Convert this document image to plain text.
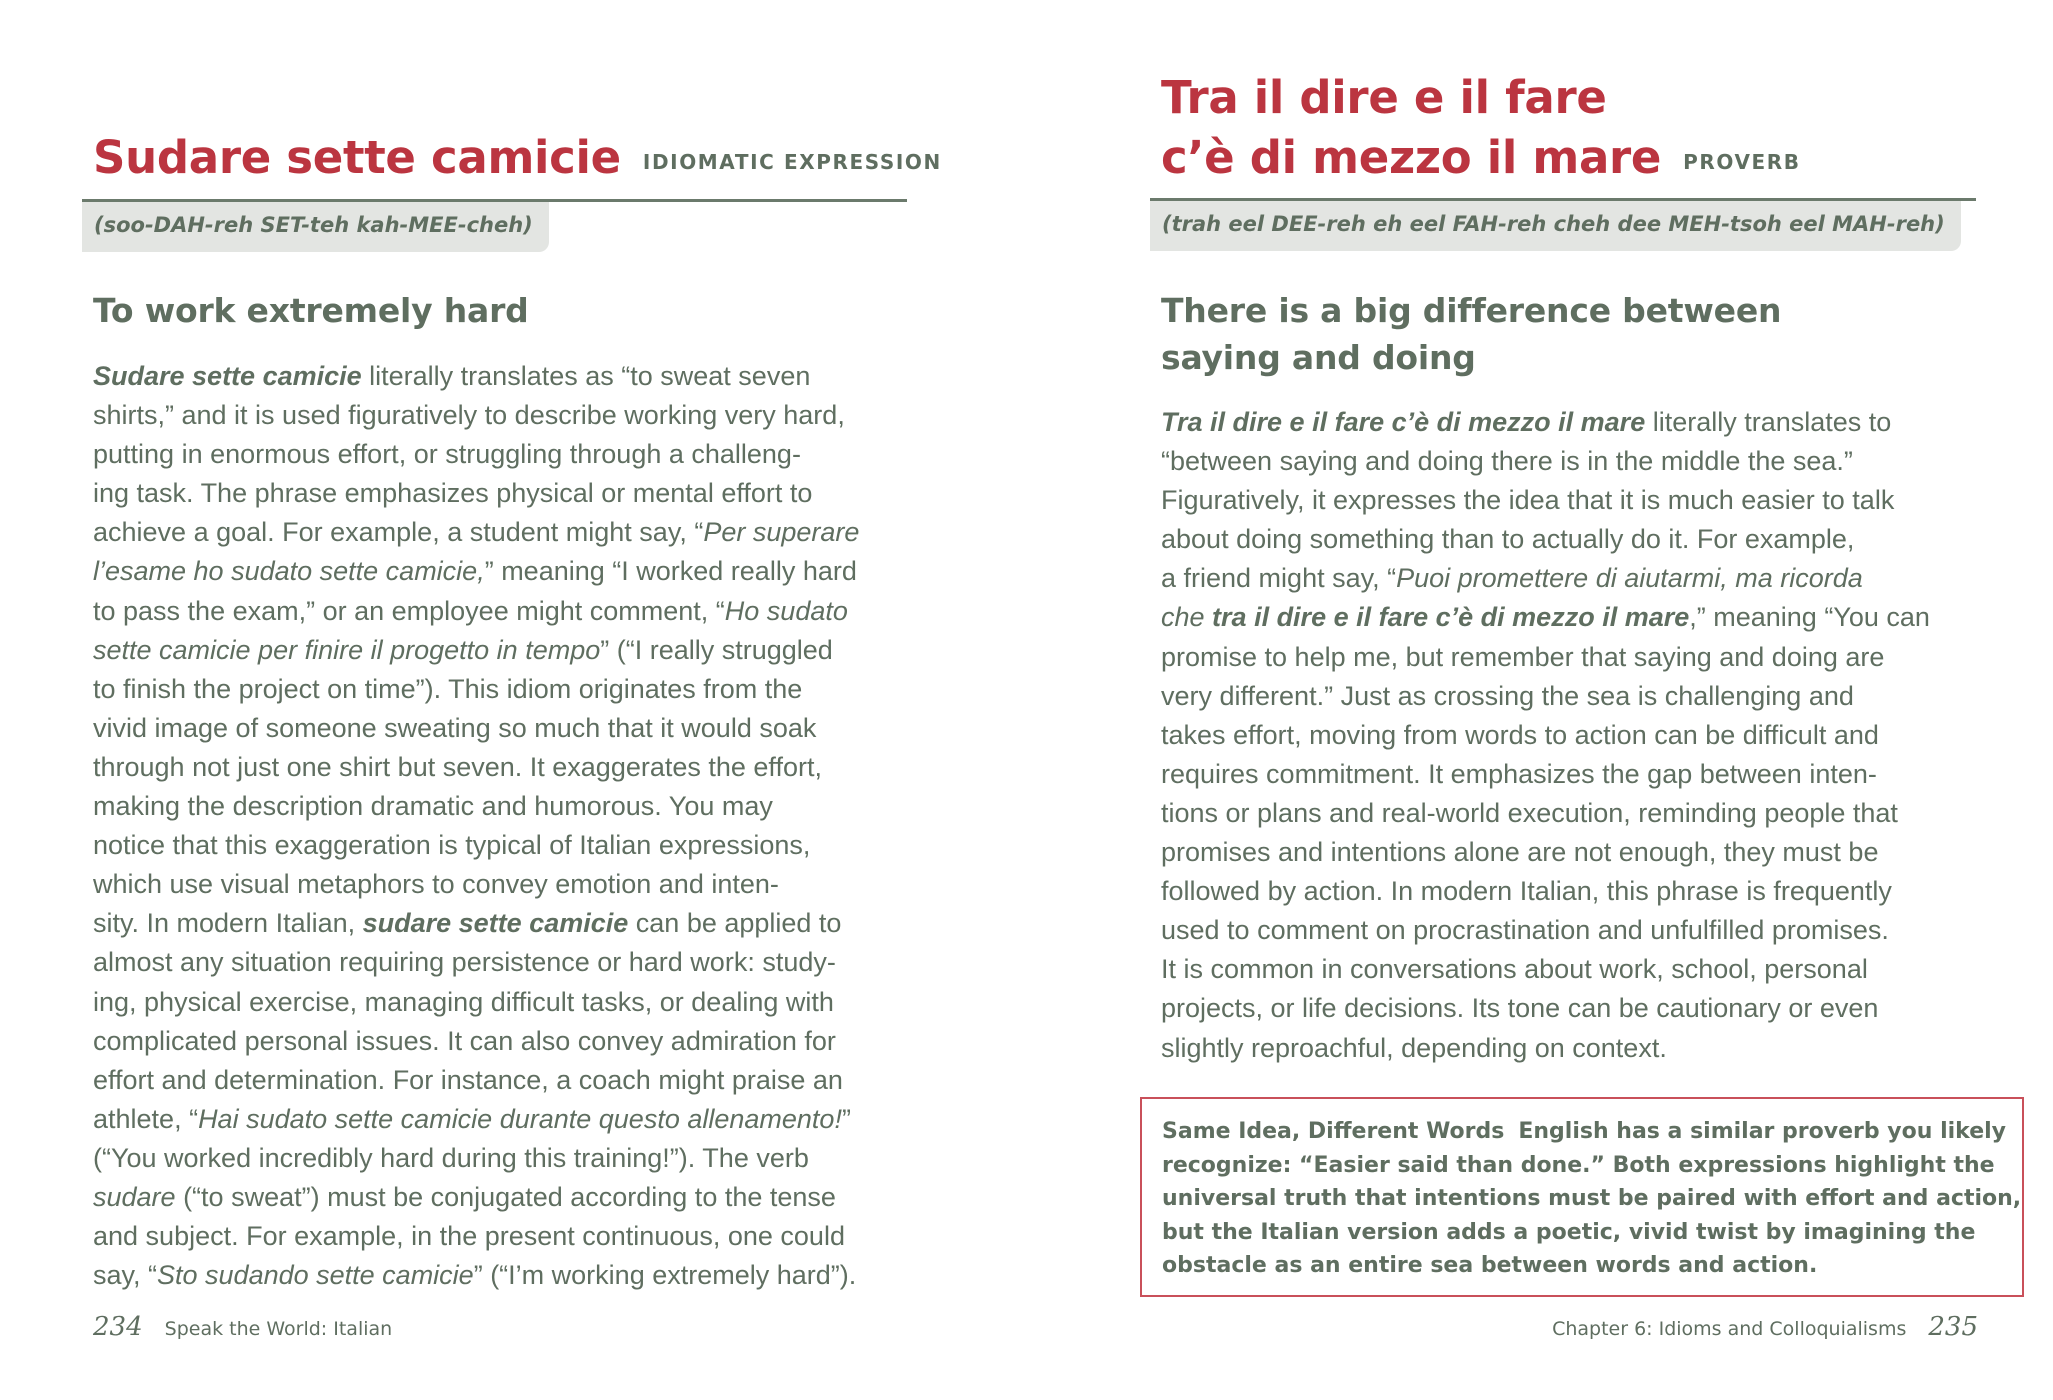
Sudare sette camicie IDIOMATIC EXPRESSION
(soo-DAH-reh SET-teh kah-MEE-cheh)
To work extremely hard
Sudare sette camicie literally translates as “to sweat seven
shirts,” and it is used figuratively to describe working very hard,
putting in enormous effort, or struggling through a challeng-
ing task. The phrase emphasizes physical or mental effort to
achieve a goal. For example, a student might say, “Per superare
l’esame ho sudato sette camicie,” meaning “I worked really hard
to pass the exam,” or an employee might comment, “Ho sudato
sette camicie per finire il progetto in tempo” (“I really struggled
to finish the project on time”). This idiom originates from the
vivid image of someone sweating so much that it would soak
through not just one shirt but seven. It exaggerates the effort,
making the description dramatic and humorous. You may
notice that this exaggeration is typical of Italian expressions,
which use visual metaphors to convey emotion and inten-
sity. In modern Italian, sudare sette camicie can be applied to
almost any situation requiring persistence or hard work: study-
ing, physical exercise, managing difficult tasks, or dealing with
complicated personal issues. It can also convey admiration for
effort and determination. For instance, a coach might praise an
athlete, “Hai sudato sette camicie durante questo allenamento!”
(“You worked incredibly hard during this training!”). The verb
sudare (“to sweat”) must be conjugated according to the tense
and subject. For example, in the present continuous, one could
say, “Sto sudando sette camicie” (“I’m working extremely hard”).
234 Speak the World: Italian
Tra il dire e il fare
c’è di mezzo il mare PROVERB
(trah eel DEE-reh eh eel FAH-reh cheh dee MEH-tsoh eel MAH-reh)
There is a big difference between
saying and doing
Tra il dire e il fare c’è di mezzo il mare literally translates to
“between saying and doing there is in the middle the sea.”
Figuratively, it expresses the idea that it is much easier to talk
about doing something than to actually do it. For example,
a friend might say, “Puoi promettere di aiutarmi, ma ricorda
che tra il dire e il fare c’è di mezzo il mare,” meaning “You can
promise to help me, but remember that saying and doing are
very different.” Just as crossing the sea is challenging and
takes effort, moving from words to action can be difficult and
requires commitment. It emphasizes the gap between inten-
tions or plans and real-world execution, reminding people that
promises and intentions alone are not enough, they must be
followed by action. In modern Italian, this phrase is frequently
used to comment on procrastination and unfulfilled promises.
It is common in conversations about work, school, personal
projects, or life decisions. Its tone can be cautionary or even
slightly reproachful, depending on context.
Same Idea, Different Words English has a similar proverb you likely
recognize: “Easier said than done.” Both expressions highlight the
universal truth that intentions must be paired with effort and action,
but the Italian version adds a poetic, vivid twist by imagining the
obstacle as an entire sea between words and action.
Chapter 6: Idioms and Colloquialisms 235
